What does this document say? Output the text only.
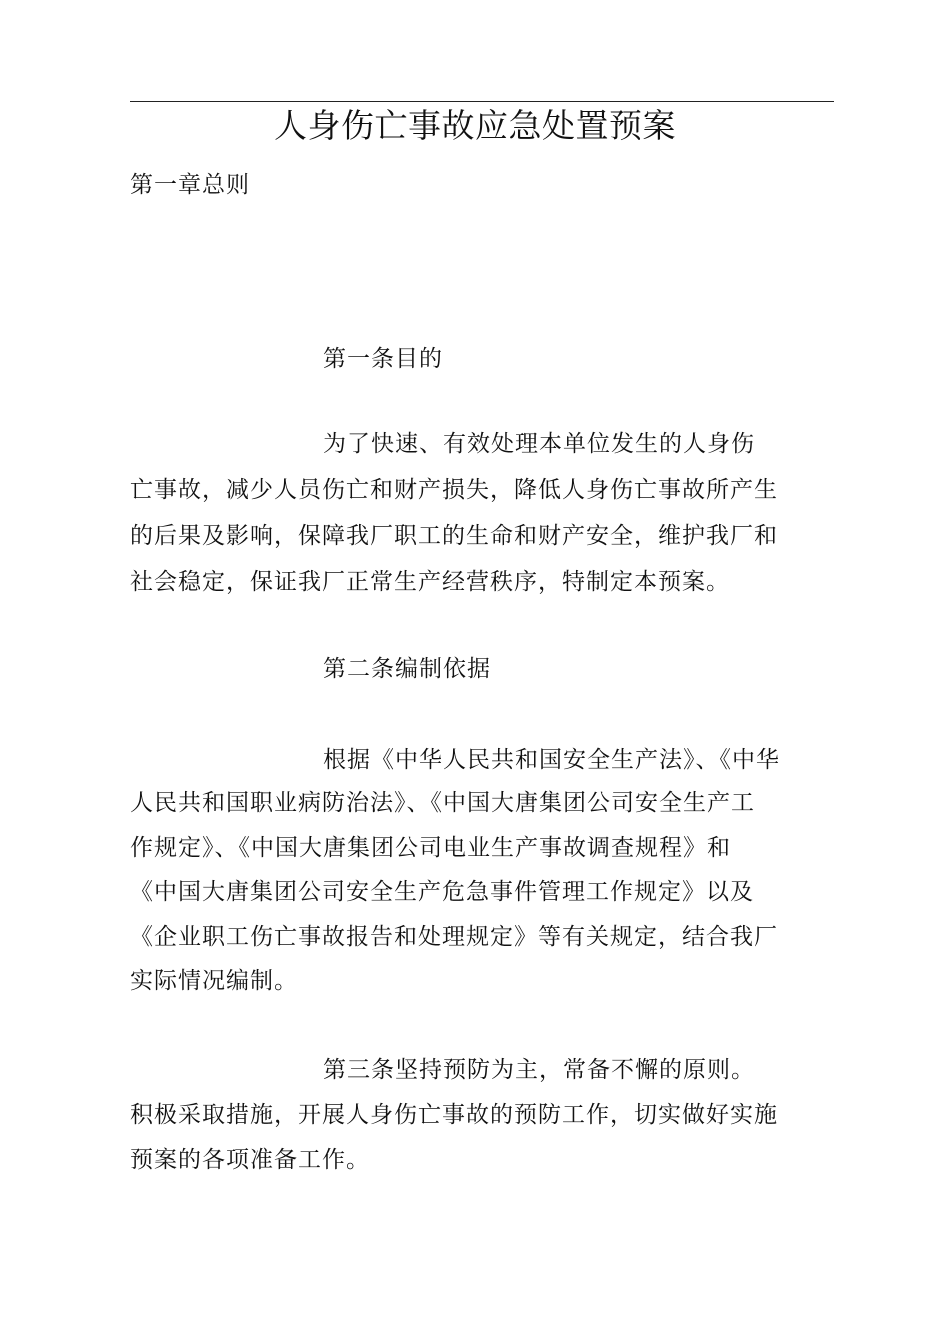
人身伤亡事故应急处置预案

第一章总则

第一条目的

为了快速、有效处理本单位发生的人身伤

亡事故，减少人员伤亡和财产损失，降低人身伤亡事故所产生

的后果及影响，保障我厂职工的生命和财产安全，维护我厂和

社会稳定，保证我厂正常生产经营秩序，特制定本预案。

第二条编制依据

根据《中华人民共和国安全生产法》、《中华

人民共和国职业病防治法》、《中国大唐集团公司安全生产工

作规定》、《中国大唐集团公司电业生产事故调查规程》和

《中国大唐集团公司安全生产危急事件管理工作规定》以及

《企业职工伤亡事故报告和处理规定》等有关规定，结合我厂

实际情况编制。

第三条坚持预防为主，常备不懈的原则。

积极采取措施，开展人身伤亡事故的预防工作，切实做好实施

预案的各项准备工作。
